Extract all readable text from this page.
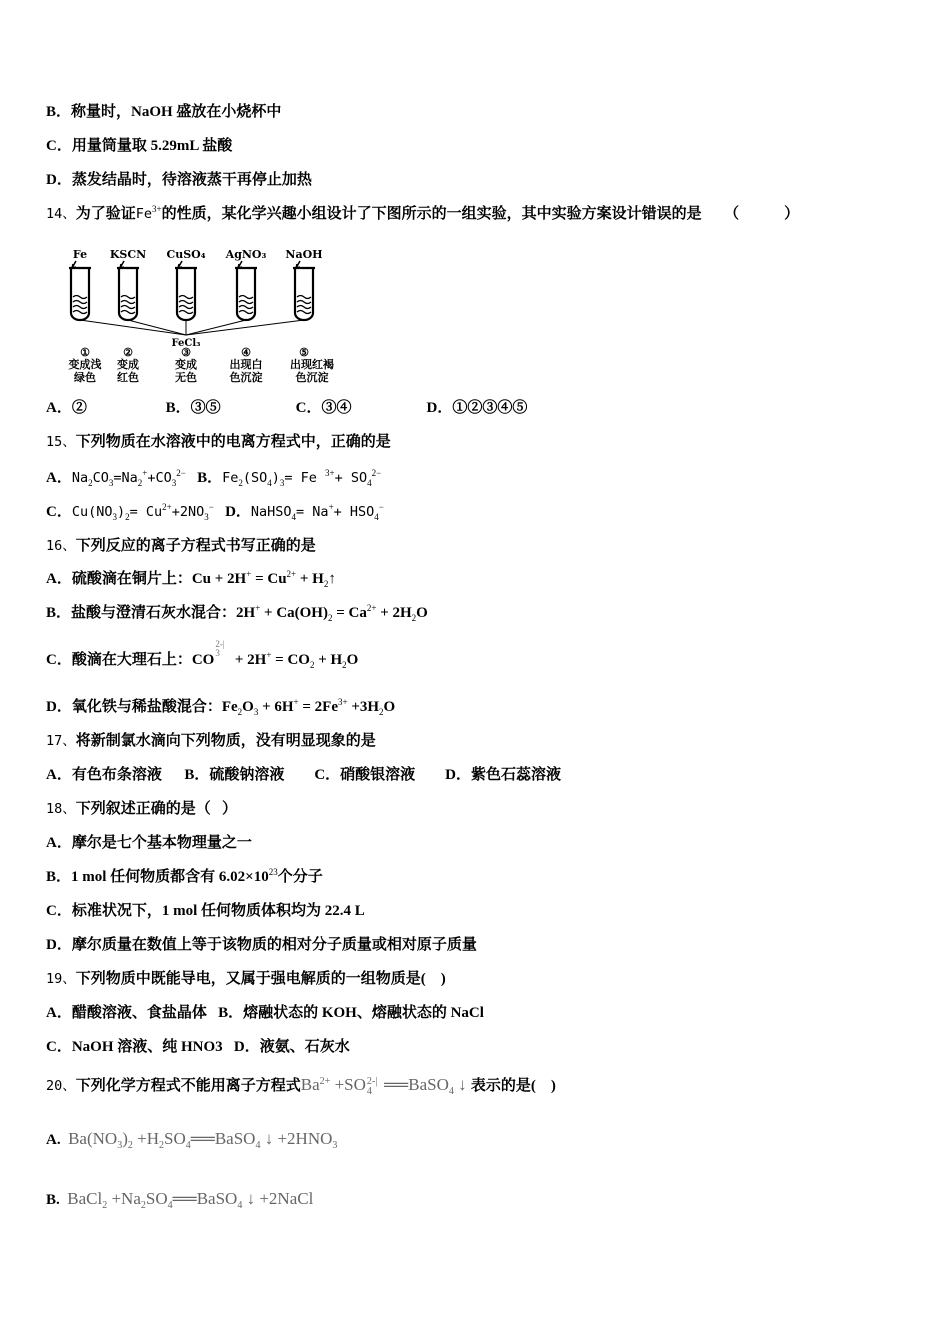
B．称量时，NaOH 盛放在小烧杯中
C．用量筒量取 5.29mL 盐酸
D．蒸发结晶时，待溶液蒸干再停止加热
14、为了验证$Fe^{3+}$的性质，某化学兴趣小组设计了下图所示的一组实验，其中实验方案设计错误的是　　（　　　）
A．②                     B．③⑤                    C．③④                    D．①②③④⑤
15、下列物质在水溶液中的电离方程式中，正确的是
A．$Na_2CO_3=Na_2^++CO_3^{2-}$ B．$Fe_2(SO_4)_3= Fe$ $^{3+}+ SO_4^{2-}$
C．$Cu(NO_3)_2= Cu^{2+}+2NO_3^-$ D．NaHSO$_4$= $Na^++ HSO_4^-$
16、下列反应的离子方程式书写正确的是
A．硫酸滴在铜片上：$Cu + 2H^+ = Cu^{2+}$ + $H_2↑$
B．盐酸与澄清石灰水混合：$2H^+ + Ca(OH)_2 = Ca^{2+} + 2H_2O$
C．酸滴在大理石上：$CO2-|3 + 2H^+ = CO_2 + H_2O$
D．氧化铁与稀盐酸混合：$Fe_2O_3 + 6H^+ = 2Fe^{3+} +3H_2O$
17、将新制氯水滴向下列物质，没有明显现象的是
A．有色布条溶液      B．硫酸钠溶液        C．硝酸银溶液        D．紫色石蕊溶液
18、下列叙述正确的是（   ）
A．摩尔是七个基本物理量之一
B．1 mol 任何物质都含有 $6.02\times 10^{23}$个分子
C．标准状况下，1 mol 任何物质体积均为 22.4 L
D．摩尔质量在数值上等于该物质的相对分子质量或相对原子质量
19、下列物质中既能导电，又属于强电解质的一组物质是(    )
A．醋酸溶液、食盐晶体   B．熔融状态的 KOH、熔融状态的 NaCl
C．NaOH 溶液、纯 HNO3   D．液氨、石灰水
20、下列化学方程式不能用离子方程式$Ba^{2+} +SO2-|4$ ══BaSO$_4$ ↓ 表示的是(    )
A.  $Ba(NO_3)_2$ $+H_2SO_4══BaSO_4$ ↓ $+2HNO_3$
B.  BaCl$_2$ $+Na_2SO_4══BaSO_4$ ↓ +2NaCl
Fe
①
变成浅
绿色
KSCN
②
变成
红色
CuSO₄
③
变成
无色
AgNO₃
④
出现白
色沉淀
NaOH
⑤
出现红褐
色沉淀
FeCl₃
